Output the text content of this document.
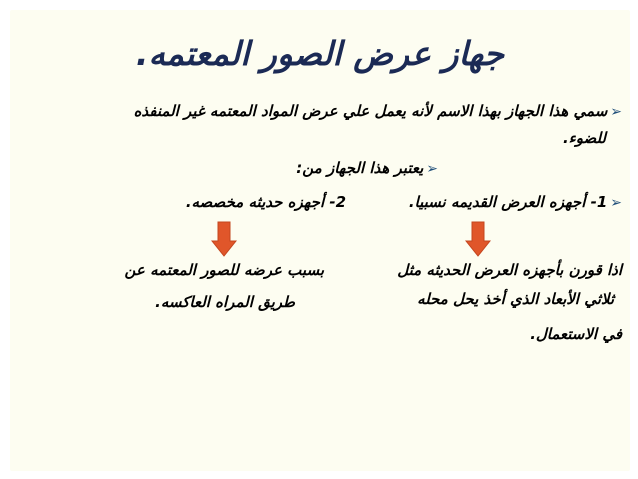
جهاز عرض الصور المعتمه.
➢سمي هذا الجهاز بهذا الاسم لأنه يعمل علي عرض المواد المعتمه غير المنفذه
للضوء.
➢يعتبر هذا الجهاز من:
➢1- أجهزه العرض القديمه نسبيا.
2- أجهزه حديثه مخصصه.
اذا قورن بأجهزه العرض الحديثه مثل
ثلاثي الأبعاد الذي أخذ يحل محله
في الاستعمال.
بسبب عرضه للصور المعتمه عن
طريق المراه العاكسه.
